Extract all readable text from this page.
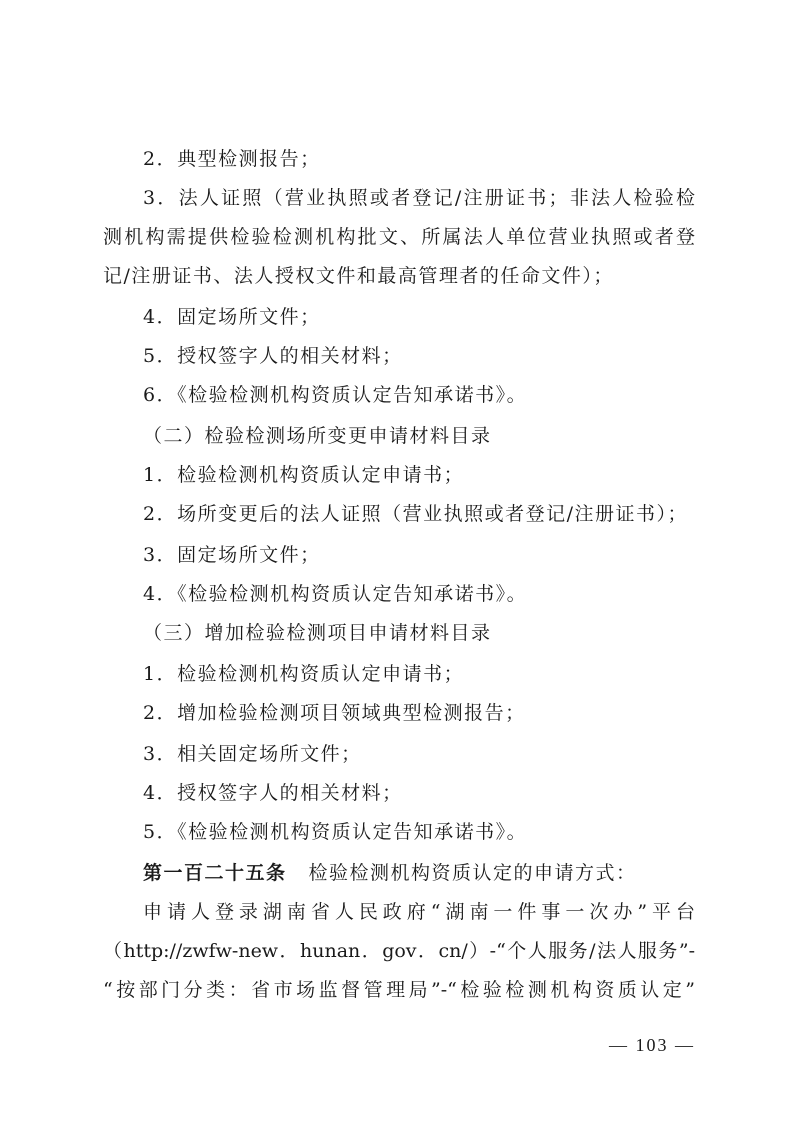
2．典型检测报告；
3．法人证照（营业执照或者登记/注册证书；非法人检验检
测机构需提供检验检测机构批文、所属法人单位营业执照或者登
记/注册证书、法人授权文件和最高管理者的任命文件）；
4．固定场所文件；
5．授权签字人的相关材料；
6．《检验检测机构资质认定告知承诺书》。
（二）检验检测场所变更申请材料目录
1．检验检测机构资质认定申请书；
2．场所变更后的法人证照（营业执照或者登记/注册证书）；
3．固定场所文件；
4．《检验检测机构资质认定告知承诺书》。
（三）增加检验检测项目申请材料目录
1．检验检测机构资质认定申请书；
2．增加检验检测项目领域典型检测报告；
3．相关固定场所文件；
4．授权签字人的相关材料；
5．《检验检测机构资质认定告知承诺书》。
第一百二十五条 检验检测机构资质认定的申请方式：
申请人登录湖南省人民政府“湖南一件事一次办”平台
（http://zwfw-new．hunan．gov．cn/）-“个人服务/法人服务”-
“按部门分类：省市场监督管理局”-“检验检测机构资质认定”
— 103 —
